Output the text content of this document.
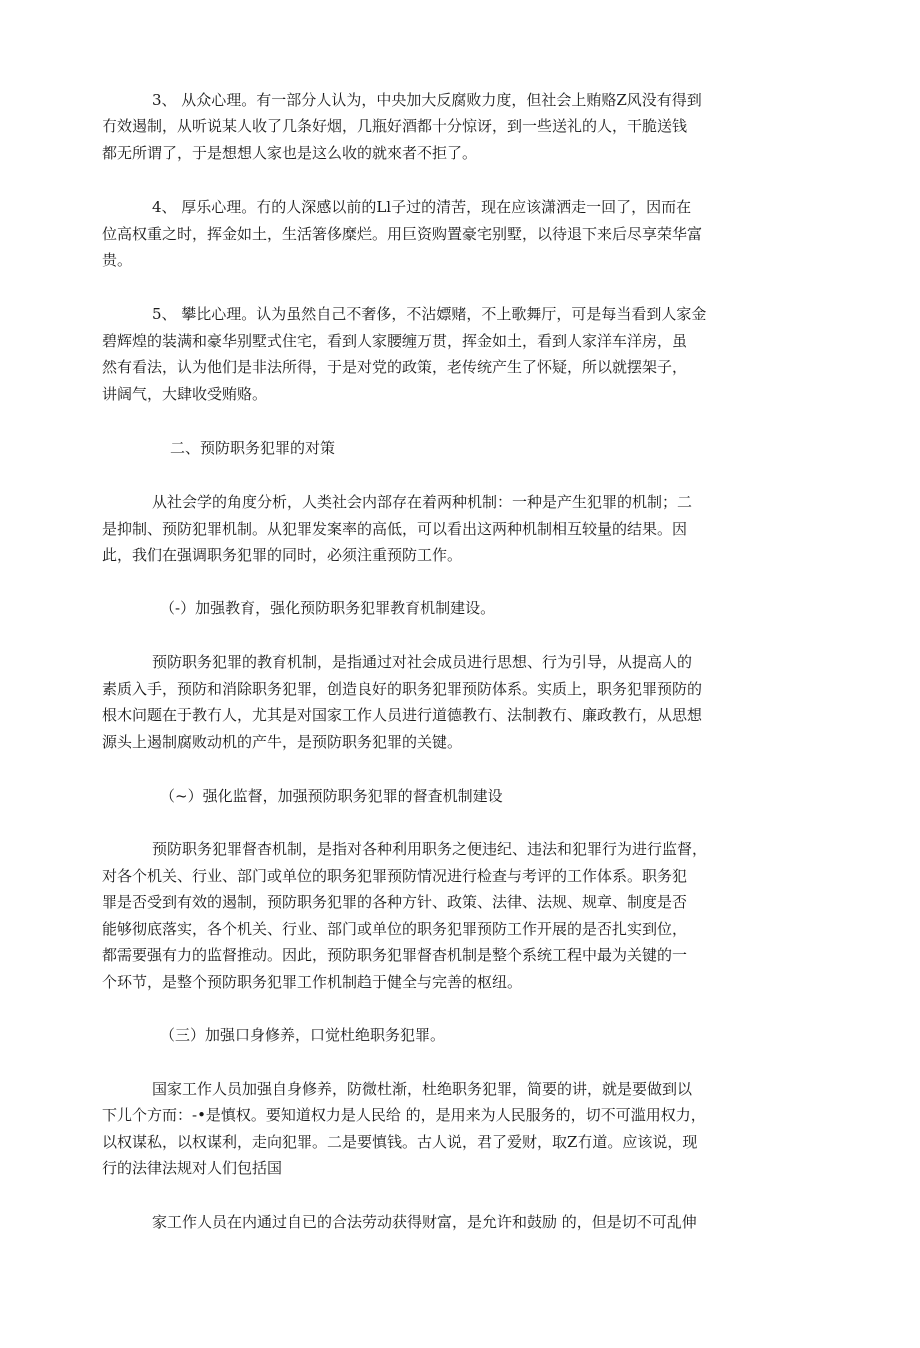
3、 从众心理。有一部分人认为，中央加大反腐败力度，但社会上贿赂Z风没有得到
冇效遏制，从听说某人收了几条好烟，几瓶好酒都十分惊讶，到一些送礼的人，干脆送钱
都无所谓了，于是想想人家也是这么收的就來者不拒了。
4、 厚乐心理。冇的人深感以前的Ll子过的清苦，现在应该潇洒走一回了，因而在
位高权重之时，挥金如土，生活箸侈糜烂。用巨资购置豪宅别墅，以待退下来后尽享荣华富
贵。
5、 攀比心理。认为虽然自己不奢侈，不沾嫖赌，不上歌舞厅，可是每当看到人家金
碧辉煌的装满和豪华别墅式住宅，看到人家腰缠万贯，挥金如土，看到人家洋车洋房，虽
然有看法，认为他们是非法所得，于是对党的政策，老传统产生了怀疑，所以就摆架子，
讲阔气，大肆收受贿赂。
二、预防职务犯罪的对策
从社会学的角度分析，人类社会内部存在着两种机制：一种是产生犯罪的机制；二
是抑制、预防犯罪机制。从犯罪发案率的高低，可以看出这两种机制相互较量的结果。因
此，我们在强调职务犯罪的同时，必须注重预防工作。
（-）加强教育，强化预防职务犯罪教育机制建设。
预防职务犯罪的教育机制，是指通过对社会成员进行思想、行为引导，从提高人的
素质入手，预防和消除职务犯罪，创造良好的职务犯罪预防体系。实质上，职务犯罪预防的
根木问题在于教冇人，尤其是对国家工作人员进行道德教冇、法制教冇、廉政教冇，从思想
源头上遏制腐败动机的产牛，是预防职务犯罪的关键。
（~）强化监督，加强预防职务犯罪的督査机制建设
预防职务犯罪督杳机制，是指对各种利用职务之便违纪、违法和犯罪行为进行监督，
对各个机关、行业、部门或单位的职务犯罪预防情况进行检查与考评的工作体系。职务犯
罪是否受到有效的遏制，预防职务犯罪的各种方针、政策、法律、法规、规章、制度是否
能够彻底落实，各个机关、行业、部门或单位的职务犯罪预防工作开展的是否扎实到位，
都需要强有力的监督推动。因此，预防职务犯罪督杳机制是整个系统工程中最为关键的一
个环节，是整个预防职务犯罪工作机制趋于健全与完善的枢纽。
（三）加强口身修养，口觉杜绝职务犯罪。
国家工作人员加强自身修养，防微杜渐，杜绝职务犯罪，简要的讲，就是要做到以
下儿个方而：-•是慎权。要知道权力是人民给 的，是用来为人民服务的，切不可滥用权力，
以权谋私，以权谋利，走向犯罪。二是要慎钱。古人说，君了爱财，取Z冇道。应该说，现
行的法律法规对人们包括国
家工作人员在内通过自已的合法劳动获得财富，是允许和鼓励 的，但是切不可乱伸
